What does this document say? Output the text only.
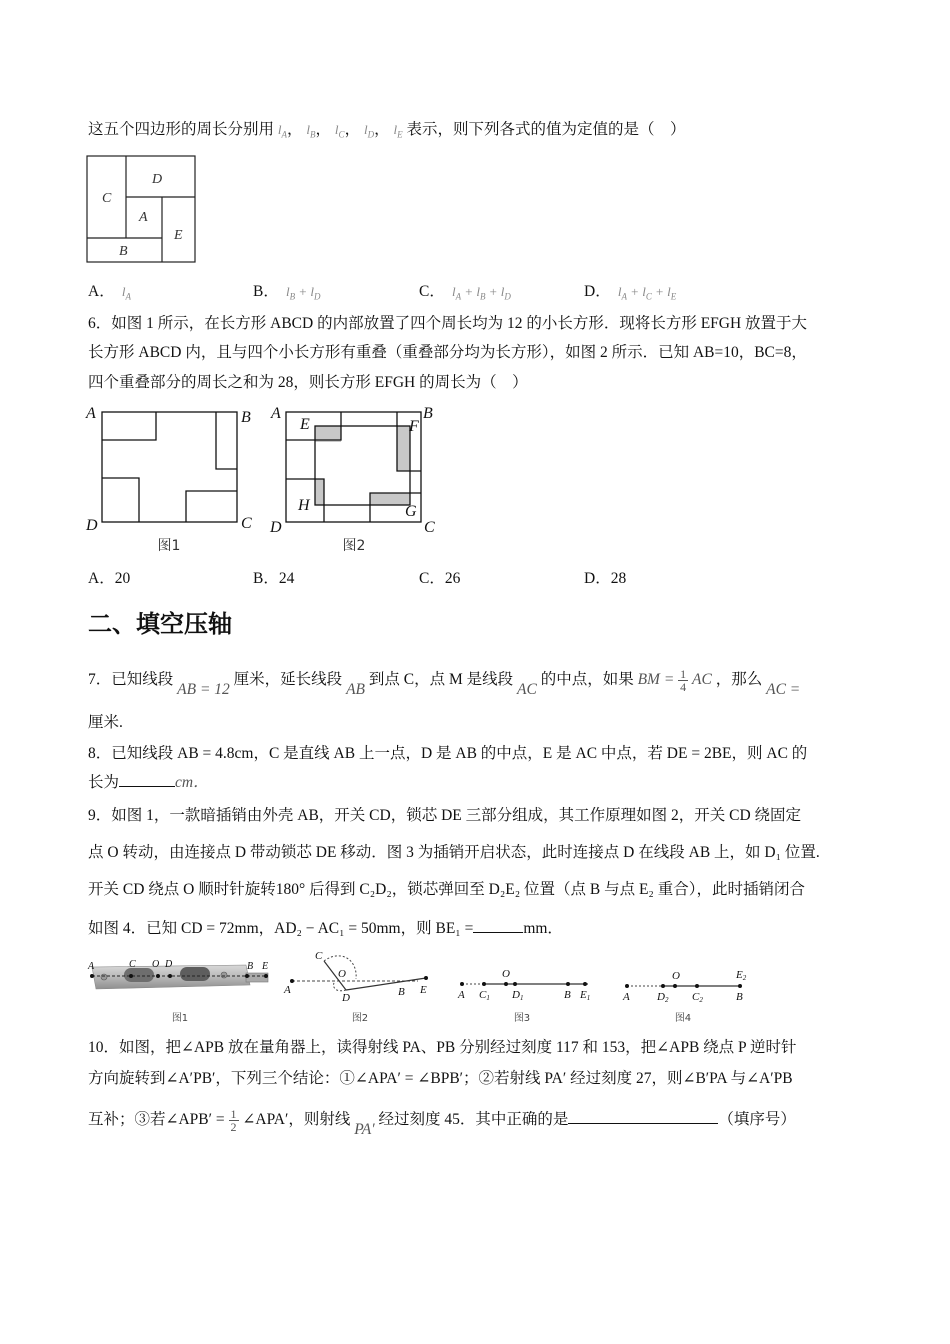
这五个四边形的周长分别用 $l_A$， $l_B$， $l_C$， $l_D$， $l_E$ 表示，则下列各式的值为定值的是（　）
C
D
A
E
B
A．  $l_A$	B．  $l_B + l_D$	C．  $l_A + l_B + l_D$	D．  $l_A + l_C + l_E$
6．如图 1 所示，在长方形 ABCD 的内部放置了四个周长均为 12 的小长方形．现将长方形 EFGH 放置于大
长方形 ABCD 内，且与四个小长方形有重叠（重叠部分均为长方形），如图 2 所示．已知 AB=10，BC=8，
四个重叠部分的周长之和为 28，则长方形 EFGH 的周长为（　）
A	B
C
D
图1
A	B
C
D
E	F
G
H
图2
A．20	B．24	C．26	D．28
二、填空压轴
7．已知线段 AB = 12 厘米，延长线段 AB 到点 C，点 M 是线段 AC 的中点，如果 BM = $\frac{1}{4}$ AC ，那么 AC =
厘米.
8．已知线段 AB = 4.8cm，C 是直线 AB 上一点，D 是 AB 的中点，E 是 AC 中点，若 DE = 2BE，则 AC 的
长为	cm．
9．如图 1，一款暗插销由外壳 AB，开关 CD，锁芯 DE 三部分组成，其工作原理如图 2，开关 CD 绕固定
点 O 转动，由连接点 D 带动锁芯 DE 移动．图 3 为插销开启状态，此时连接点 D 在线段 AB 上，如 D₁ 位置.
开关 CD 绕点 O 顺时针旋转180° 后得到 C₂D₂，锁芯弹回至 D₂E₂ 位置（点 B 与点 E₂ 重合），此时插销闭合
如图 4．已知 CD = 72mm，AD₂ − AC₁ = 50mm，则 BE₁ =	mm．
A	C O D	B E
图1
C
O
A
D	B E
图2
A C1
O
D1	B E1
图3
A D2
O
C2	B
E2
图4
10．如图，把∠APB 放在量角器上，读得射线 PA、PB 分别经过刻度 117 和 153，把∠APB 绕点 P 逆时针
方向旋转到∠A′PB′，下列三个结论：①∠APA′ = ∠BPB′；②若射线 PA′ 经过刻度 27，则∠B′PA 与∠A′PB
互补；③若∠APB′ = $\frac{1}{2}$ ∠APA′，则射线 PA′ 经过刻度 45．其中正确的是	（填序号）
